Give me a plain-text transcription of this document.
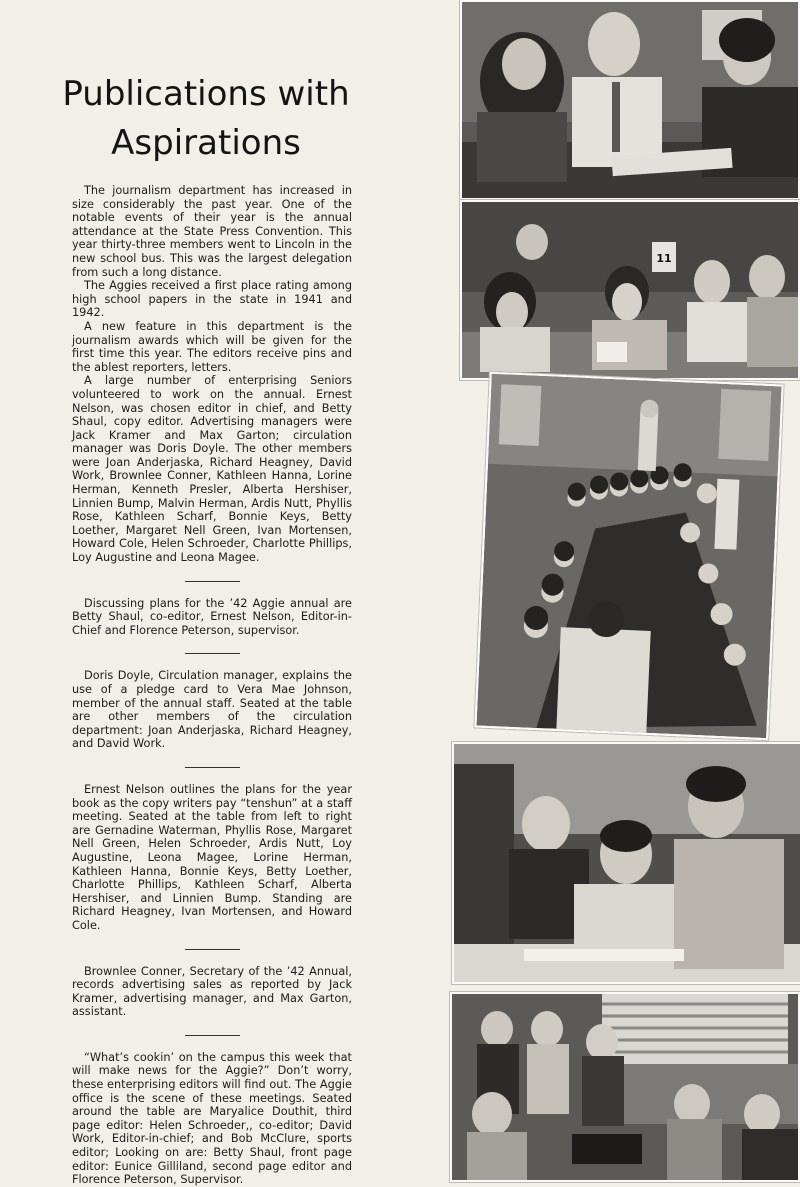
Publications with
Aspirations

The journalism department has increased in size considerably the past year. One of the notable events of their year is the annual attendance at the State Press Convention. This year thirty-three members went to Lincoln in the new school bus. This was the largest delegation from such a long distance.

The Aggies received a first place rating among high school papers in the state in 1941 and 1942.

A new feature in this department is the journalism awards which will be given for the first time this year. The editors receive pins and the ablest reporters, letters.

A large number of enterprising Seniors volunteered to work on the annual. Ernest Nelson, was chosen editor in chief, and Betty Shaul, copy editor. Advertising managers were Jack Kramer and Max Garton; circulation manager was Doris Doyle. The other members were Joan Anderjaska, Richard Heagney, David Work, Brownlee Conner, Kathleen Hanna, Lorine Herman, Kenneth Presler, Alberta Hershiser, Linnien Bump, Malvin Herman, Ardis Nutt, Phyllis Rose, Kathleen Scharf, Bonnie Keys, Betty Loether, Margaret Nell Green, Ivan Mortensen, Howard Cole, Helen Schroeder, Charlotte Phillips, Loy Augustine and Leona Magee.

Discussing plans for the ’42 Aggie annual are Betty Shaul, co-editor, Ernest Nelson, Editor-in-Chief and Florence Peterson, supervisor.

Doris Doyle, Circulation manager, explains the use of a pledge card to Vera Mae Johnson, member of the annual staff. Seated at the table are other members of the circulation department: Joan Anderjaska, Richard Heagney, and David Work.

Ernest Nelson outlines the plans for the year book as the copy writers pay “tenshun” at a staff meeting. Seated at the table from left to right are Gernadine Waterman, Phyllis Rose, Margaret Nell Green, Helen Schroeder, Ardis Nutt, Loy Augustine, Leona Magee, Lorine Herman, Kathleen Hanna, Bonnie Keys, Betty Loether, Charlotte Phillips, Kathleen Scharf, Alberta Hershiser, and Linnien Bump. Standing are Richard Heagney, Ivan Mortensen, and Howard Cole.

Brownlee Conner, Secretary of the ’42 Annual, records advertising sales as reported by Jack Kramer, advertising manager, and Max Garton, assistant.

“What’s cookin’ on the campus this week that will make news for the Aggie?” Don’t worry, these enterprising editors will find out. The Aggie office is the scene of these meetings. Seated around the table are Maryalice Douthit, third page editor: Helen Schroeder,, co-editor; David Work, Editor-in-chief; and Bob McClure, sports editor; Looking on are: Betty Shaul, front page editor: Eunice Gilliland, second page editor and Florence Peterson, Supervisor.

11
